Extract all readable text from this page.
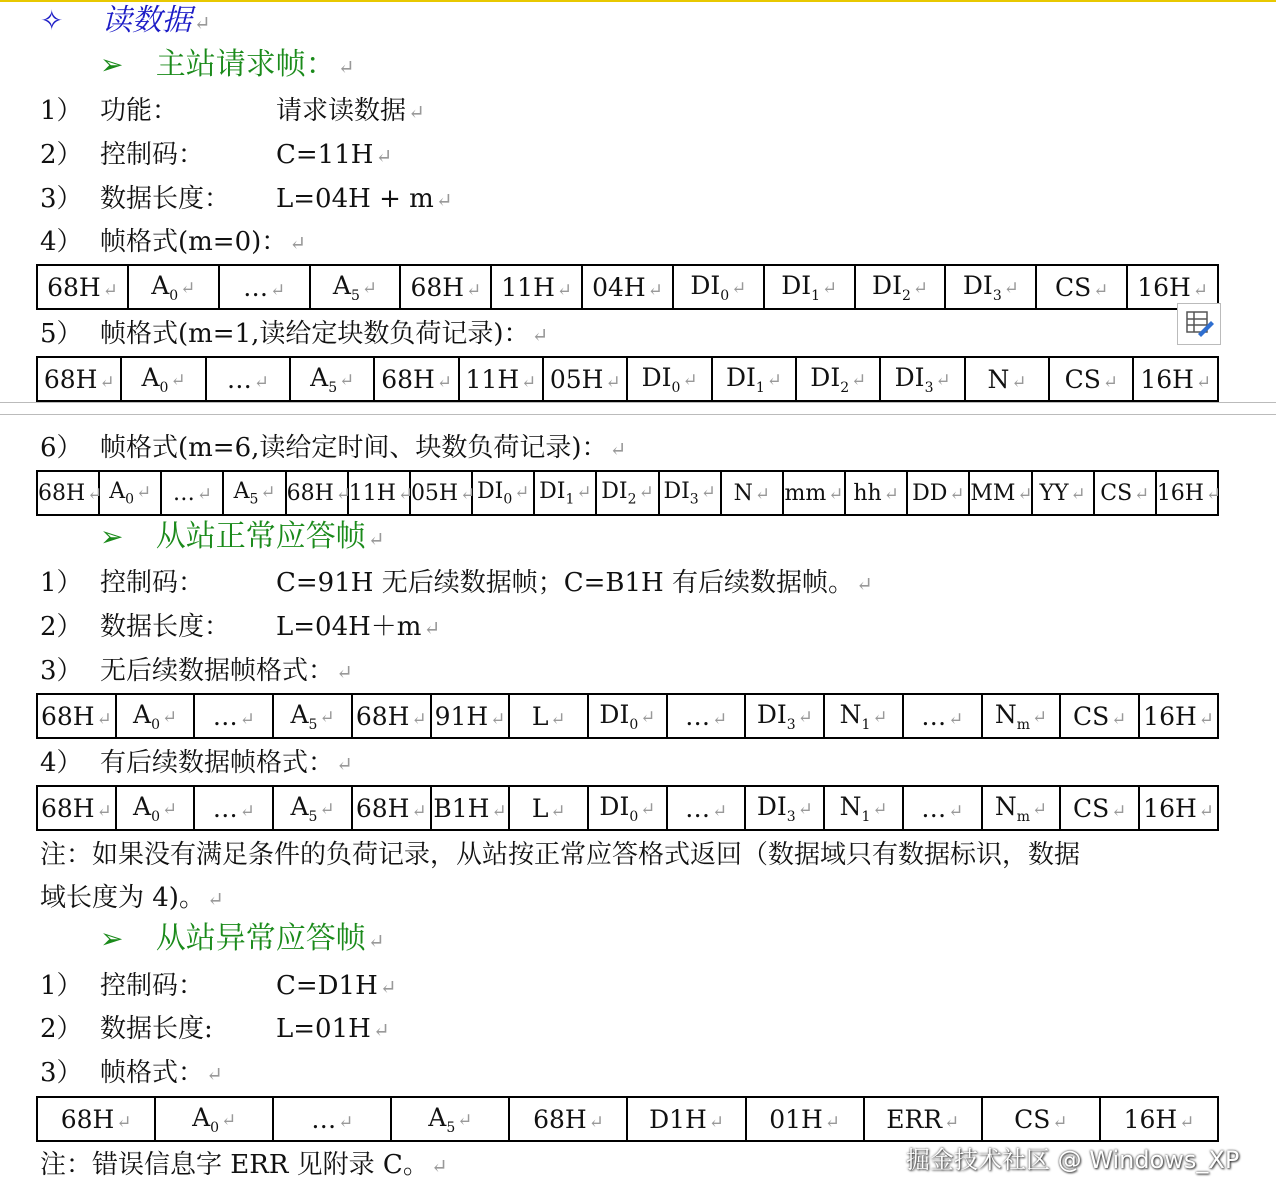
✧ 读数据 ↵
➢ 主站请求帧： ↵
1） 功能：	请求读数据 ↵
2） 控制码：	C=11H ↵
3） 数据长度： L=04H + m ↵
4） 帧格式(m=0)： ↵
68H ↵	$A_0$ ↵	… ↵	$A_5$ ↵	68H ↵	11H ↵	04H ↵	$DI_0$ ↵	$DI_1$ ↵	$DI_2$ ↵	$DI_3$ ↵	CS ↵	16H ↵
5） 帧格式(m=1,读给定块数负荷记录)： ↵
68H ↵	$A_0$ ↵	… ↵	$A_5$ ↵	68H ↵	11H ↵	05H ↵	$DI_0$ ↵	$DI_1$ ↵	$DI_2$ ↵	$DI_3$ ↵	N ↵	CS ↵	16H ↵
6） 帧格式(m=6,读给定时间、块数负荷记录)： ↵
68H ↵	$A_0$ ↵	… ↵	$A_5$ ↵	68H ↵	11H ↵	05H ↵	$DI_0$ ↵	$DI_1$ ↵	$DI_2$ ↵	$DI_3$ ↵	N ↵	mm ↵	hh ↵	DD ↵	MM ↵	YY ↵	CS ↵	16H ↵
➢ 从站正常应答帧 ↵
1） 控制码：	C=91H 无后续数据帧；C=B1H 有后续数据帧。 ↵
2） 数据长度： L=04H＋m ↵
3） 无后续数据帧格式： ↵
68H ↵	$A_0$ ↵	… ↵	$A_5$ ↵	68H ↵	91H ↵	L ↵	$DI_0$ ↵	… ↵	$DI_3$ ↵	$N_1$ ↵	… ↵	$N_m$ ↵	CS ↵	16H ↵
4） 有后续数据帧格式： ↵
68H ↵	$A_0$ ↵	… ↵	$A_5$ ↵	68H ↵	B1H ↵	L ↵	$DI_0$ ↵	… ↵	$DI_3$ ↵	$N_1$ ↵	… ↵	$N_m$ ↵	CS ↵	16H ↵
注：如果没有满足条件的负荷记录，从站按正常应答格式返回（数据域只有数据标识，数据
域长度为 4)。 ↵
➢ 从站异常应答帧 ↵
1） 控制码：	C=D1H ↵
2） 数据长度: L=01H ↵
3） 帧格式： ↵
68H ↵	$A_0$ ↵	… ↵	$A_5$ ↵	68H ↵	D1H ↵	01H ↵	ERR ↵	CS ↵	16H ↵
注：错误信息字 ERR 见附录 C。 ↵	掘金技术社区 @ Windows_XP
